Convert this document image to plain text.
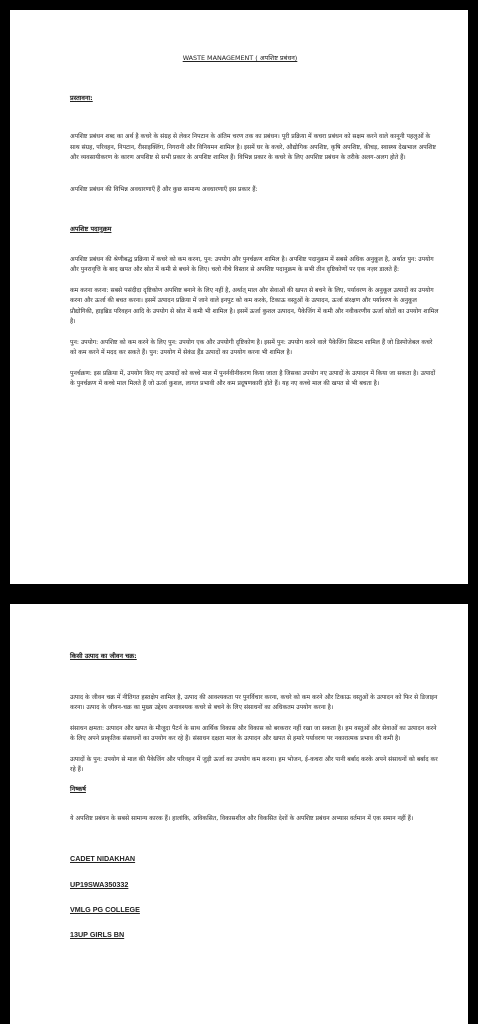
WASTE MANAGEMENT ( अपशिष्ट प्रबंधन)
प्रस्तावना:

अपशिष्ट प्रबंधन शब्द का अर्थ है कचरे के संग्रह से लेकर निपटान के अंतिम चरण तक का प्रबंधन। पूरी प्रक्रिया में कचरा प्रबंधन को सक्षम करने वाले कानूनी पहलुओं के साथ संग्रह, परिवहन, निपटान, रीसाइक्लिंग, निगरानी और विनियमन शामिल है। इसमें घर के कचरे, औद्योगिक अपशिष्ट, कृषि अपशिष्ट, कीचड़, स्वास्थ्य देखभाल अपशिष्ट और व्यवसायीकरण के कारण अपशिष्ट से सभी प्रकार के अपशिष्ट शामिल हैं। विभिन्न प्रकार के कचरे के लिए अपशिष्ट प्रबंधन के तरीके अलग-अलग होते हैं।

अपशिष्ट प्रबंधन की विभिन्न अवधारणाएँ हैं और कुछ सामान्य अवधारणाएँ इस प्रकार हैं:

अपशिष्ट पदानुक्रम

अपशिष्ट प्रबंधन की श्रेणीबद्ध प्रक्रिया में कचरे को कम करना, पुन: उपयोग और पुनर्चक्रण शामिल है। अपशिष्ट पदानुक्रम में सबसे अधिक अनुकूल है, अर्थात पुन: उपयोग और पुनरावृत्ति के बाद खपत और स्रोत में कमी से बचने के लिए। चलो नीचे विस्तार से अपशिष्ट पदानुक्रम के सभी तीन दृष्टिकोणों पर एक नज़र डालते हैं:

कम करना करना: सबसे पसंदीदा दृष्टिकोण अपशिष्ट बनाने के लिए नहीं है, अर्थात् माल और सेवाओं की खपत से बचने के लिए, पर्यावरण के अनुकूल उत्पादों का उपयोग करना और ऊर्जा की बचत करना। इसमें उत्पादन प्रक्रिया में जाने वाले इनपुट को कम करके, टिकाऊ वस्तुओं के उत्पादन, ऊर्जा संरक्षण और पर्यावरण के अनुकूल प्रौद्योगिकी, हाइब्रिड परिवहन आदि के उपयोग से स्रोत में कमी भी शामिल है। इसमें ऊर्जा कुशल उत्पादन, पैकेजिंग में कमी और नवीकरणीय ऊर्जा स्रोतों का उपयोग शामिल है।

पुन: उपयोग: अपशिष्ट को कम करने के लिए पुन: उपयोग एक और उपयोगी दृष्टिकोण है। इसमें पुन: उपयोग करने वाले पैकेजिंग सिस्टम शामिल हैं जो डिस्पोजेबल कचरे को कम करने में मदद कर सकते हैं। पुन: उपयोग में सेकंड हैंड उत्पादों का उपयोग करना भी शामिल है।

पुनर्चक्रण: इस प्रक्रिया में, उपयोग किए गए उत्पादों को कच्चे माल में पुनर्नवीनीकरण किया जाता है जिसका उपयोग नए उत्पादों के उत्पादन में किया जा सकता है। उत्पादों के पुनर्चक्रण में कच्चे माल मिलते हैं जो ऊर्जा कुशल, लागत प्रभावी और कम प्रदूषणकारी होते हैं। यह नए कच्चे माल की खपत से भी बचता है।

किसी उत्पाद का जीवन चक्र:

उत्पाद के जीवन चक्र में नीतिगत हस्तक्षेप शामिल है, उत्पाद की आवश्यकता पर पुनर्विचार करना, कचरे को कम करने और टिकाऊ वस्तुओं के उत्पादन को फिर से डिजाइन करना। उत्पाद के जीवन-चक्र का मुख्य उद्देश्य अनावश्यक कचरे से बचने के लिए संसाधनों का अधिकतम उपयोग करना है।

संसाधन क्षमता: उत्पादन और खपत के मौजूदा पैटर्न के साथ आर्थिक विकास और विकास को बरकरार नहीं रखा जा सकता है। हम वस्तुओं और सेवाओं का उत्पादन करने के लिए अपने प्राकृतिक संसाधनों का उपयोग कर रहे हैं। संसाधन दक्षता माल के उत्पादन और खपत से हमारे पर्यावरण पर नकारात्मक प्रभाव की कमी है।

उत्पादों के पुन: उपयोग से माल की पैकेजिंग और परिवहन में जुड़ी ऊर्जा का उपयोग कम करना। हम भोजन, ई-कचरा और पानी बर्बाद करके अपने संसाधनों को बर्बाद कर रहे हैं।

निष्कर्ष

ये अपशिष्ट प्रबंधन के सबसे सामान्य कारक हैं। हालांकि, अविकसित, विकासशील और विकसित देशों के अपशिष्ट प्रबंधन अभ्यास वर्तमान में एक समान नहीं हैं।

CADET NIDAKHAN
UP19SWA350332
VMLG PG COLLEGE
13UP GIRLS BN
